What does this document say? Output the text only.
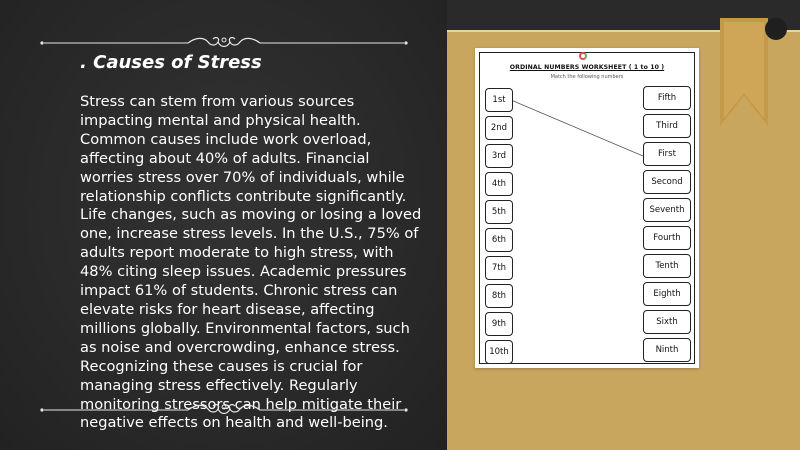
. Causes of Stress

Stress can stem from various sources impacting mental and physical health. Common causes include work overload, affecting about 40% of adults. Financial worries stress over 70% of individuals, while relationship conflicts contribute significantly. Life changes, such as moving or losing a loved one, increase stress levels. In the U.S., 75% of adults report moderate to high stress, with 48% citing sleep issues. Academic pressures impact 61% of students. Chronic stress can elevate risks for heart disease, affecting millions globally. Environmental factors, such as noise and overcrowding, enhance stress. Recognizing these causes is crucial for managing stress effectively. Regularly monitoring stressors can help mitigate their negative effects on health and well-being.

ORDINAL NUMBERS WORKSHEET ( 1 to 10 )
Match the following numbers
1st
2nd
3rd
4th
5th
6th
7th
8th
9th
10th
Fifth
Third
First
Second
Seventh
Fourth
Tenth
Eighth
Sixth
Ninth
